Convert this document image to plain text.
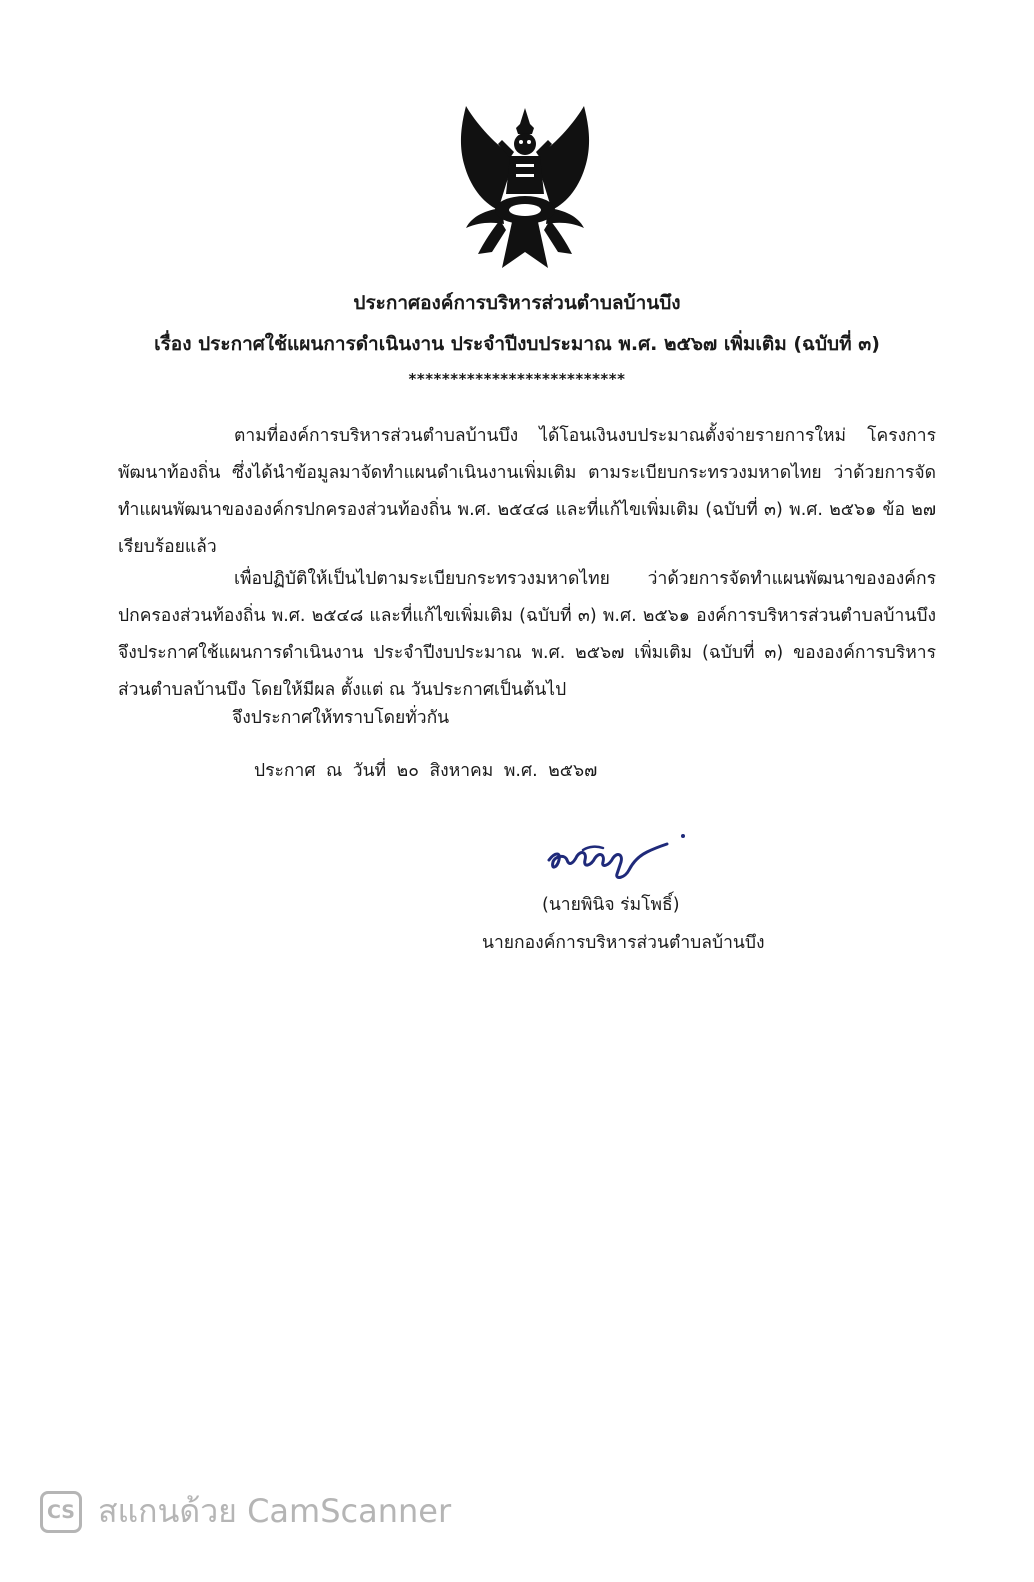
ประกาศองค์การบริหารส่วนตำบลบ้านบึง
เรื่อง ประกาศใช้แผนการดำเนินงาน ประจำปีงบประมาณ พ.ศ. ๒๕๖๗ เพิ่มเติม (ฉบับที่ ๓)
**************************

ตามที่องค์การบริหารส่วนตำบลบ้านบึง ได้โอนเงินงบประมาณตั้งจ่ายรายการใหม่ โครงการพัฒนาท้องถิ่น ซึ่งได้นำข้อมูลมาจัดทำแผนดำเนินงานเพิ่มเติม ตามระเบียบกระทรวงมหาดไทย ว่าด้วยการจัดทำแผนพัฒนาขององค์กรปกครองส่วนท้องถิ่น พ.ศ. ๒๕๔๘ และที่แก้ไขเพิ่มเติม (ฉบับที่ ๓) พ.ศ. ๒๕๖๑ ข้อ ๒๗ เรียบร้อยแล้ว

เพื่อปฏิบัติให้เป็นไปตามระเบียบกระทรวงมหาดไทย ว่าด้วยการจัดทำแผนพัฒนาขององค์กรปกครองส่วนท้องถิ่น พ.ศ. ๒๕๔๘ และที่แก้ไขเพิ่มเติม (ฉบับที่ ๓) พ.ศ. ๒๕๖๑ องค์การบริหารส่วนตำบลบ้านบึง จึงประกาศใช้แผนการดำเนินงาน ประจำปีงบประมาณ พ.ศ. ๒๕๖๗ เพิ่มเติม (ฉบับที่ ๓) ขององค์การบริหารส่วนตำบลบ้านบึง โดยให้มีผล ตั้งแต่ ณ วันประกาศเป็นต้นไป

จึงประกาศให้ทราบโดยทั่วกัน
ประกาศ ณ วันที่ ๒๐ สิงหาคม พ.ศ. ๒๕๖๗
(นายพินิจ ร่มโพธิ์)
นายกองค์การบริหารส่วนตำบลบ้านบึง
CS สแกนด้วย CamScanner
